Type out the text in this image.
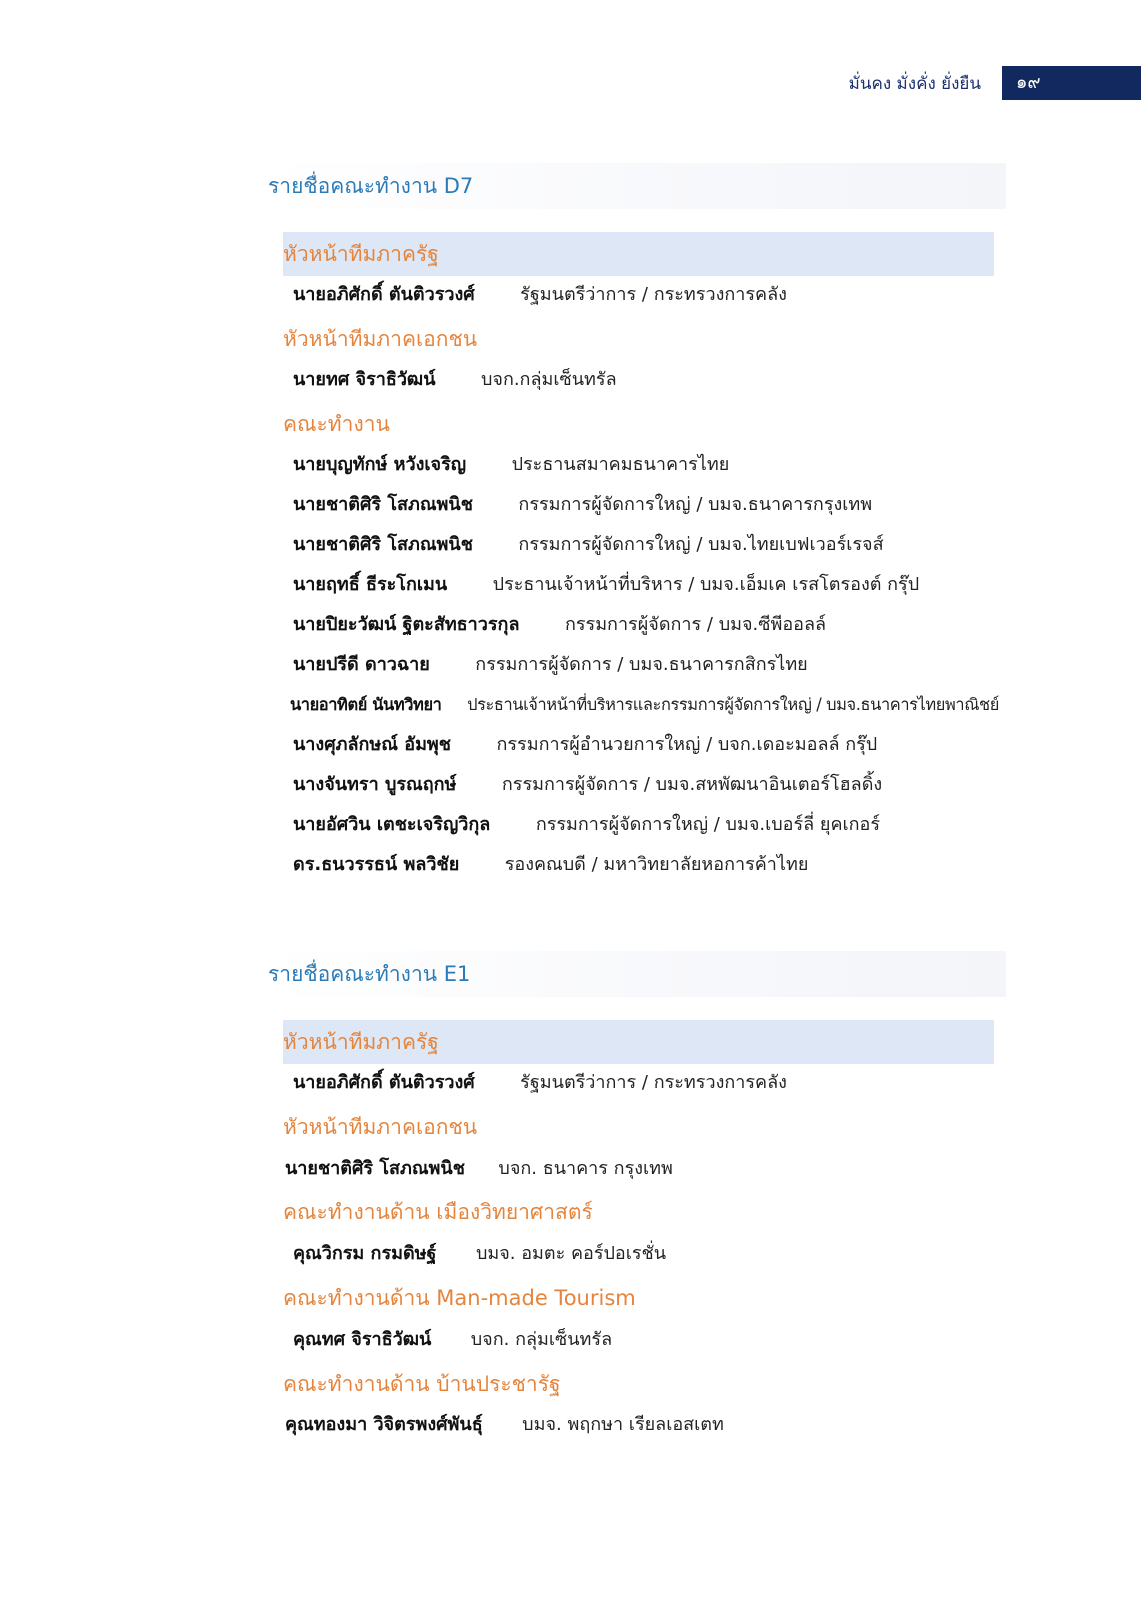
มั่นคง มั่งคั่ง ยั่งยืน	๑๙
รายชื่อคณะทำงาน D7
หัวหน้าทีมภาครัฐ
นายอภิศักดิ์ ตันติวรวงศ์	รัฐมนตรีว่าการ / กระทรวงการคลัง
หัวหน้าทีมภาคเอกชน
นายทศ จิราธิวัฒน์	บจก.กลุ่มเซ็นทรัล
คณะทำงาน
นายบุญทักษ์ หวังเจริญ	ประธานสมาคมธนาคารไทย
นายชาติศิริ โสภณพนิช	กรรมการผู้จัดการใหญ่ / บมจ.ธนาคารกรุงเทพ
นายชาติศิริ โสภณพนิช	กรรมการผู้จัดการใหญ่ / บมจ.ไทยเบฟเวอร์เรจส์
นายฤทธิ์ ธีระโกเมน	ประธานเจ้าหน้าที่บริหาร / บมจ.เอ็มเค เรสโตรองต์ กรุ๊ป
นายปิยะวัฒน์ ฐิตะสัทธาวรกุล	กรรมการผู้จัดการ / บมจ.ซีพีออลล์
นายปรีดี ดาวฉาย	กรรมการผู้จัดการ / บมจ.ธนาคารกสิกรไทย
นายอาทิตย์ นันทวิทยา ประธานเจ้าหน้าที่บริหารและกรรมการผู้จัดการใหญ่ / บมจ.ธนาคารไทยพาณิชย์
นางศุภลักษณ์ อัมพุช	กรรมการผู้อำนวยการใหญ่ / บจก.เดอะมอลล์ กรุ๊ป
นางจันทรา บูรณฤกษ์	กรรมการผู้จัดการ / บมจ.สหพัฒนาอินเตอร์โฮลดิ้ง
นายอัศวิน เตชะเจริญวิกุล	กรรมการผู้จัดการใหญ่ / บมจ.เบอร์ลี่ ยุคเกอร์
ดร.ธนวรรธน์ พลวิชัย	รองคณบดี / มหาวิทยาลัยหอการค้าไทย
รายชื่อคณะทำงาน E1
หัวหน้าทีมภาครัฐ
นายอภิศักดิ์ ตันติวรวงศ์	รัฐมนตรีว่าการ / กระทรวงการคลัง
หัวหน้าทีมภาคเอกชน
นายชาติศิริ โสภณพนิช บจก. ธนาคาร กรุงเทพ
คณะทำงานด้าน เมืองวิทยาศาสตร์
คุณวิกรม กรมดิษฐ์ บมจ. อมตะ คอร์ปอเรชั่น
คณะทำงานด้าน Man-made Tourism
คุณทศ จิราธิวัฒน์ บจก. กลุ่มเซ็นทรัล
คณะทำงานด้าน บ้านประชารัฐ
คุณทองมา วิจิตรพงศ์พันธุ์ บมจ. พฤกษา เรียลเอสเตท
